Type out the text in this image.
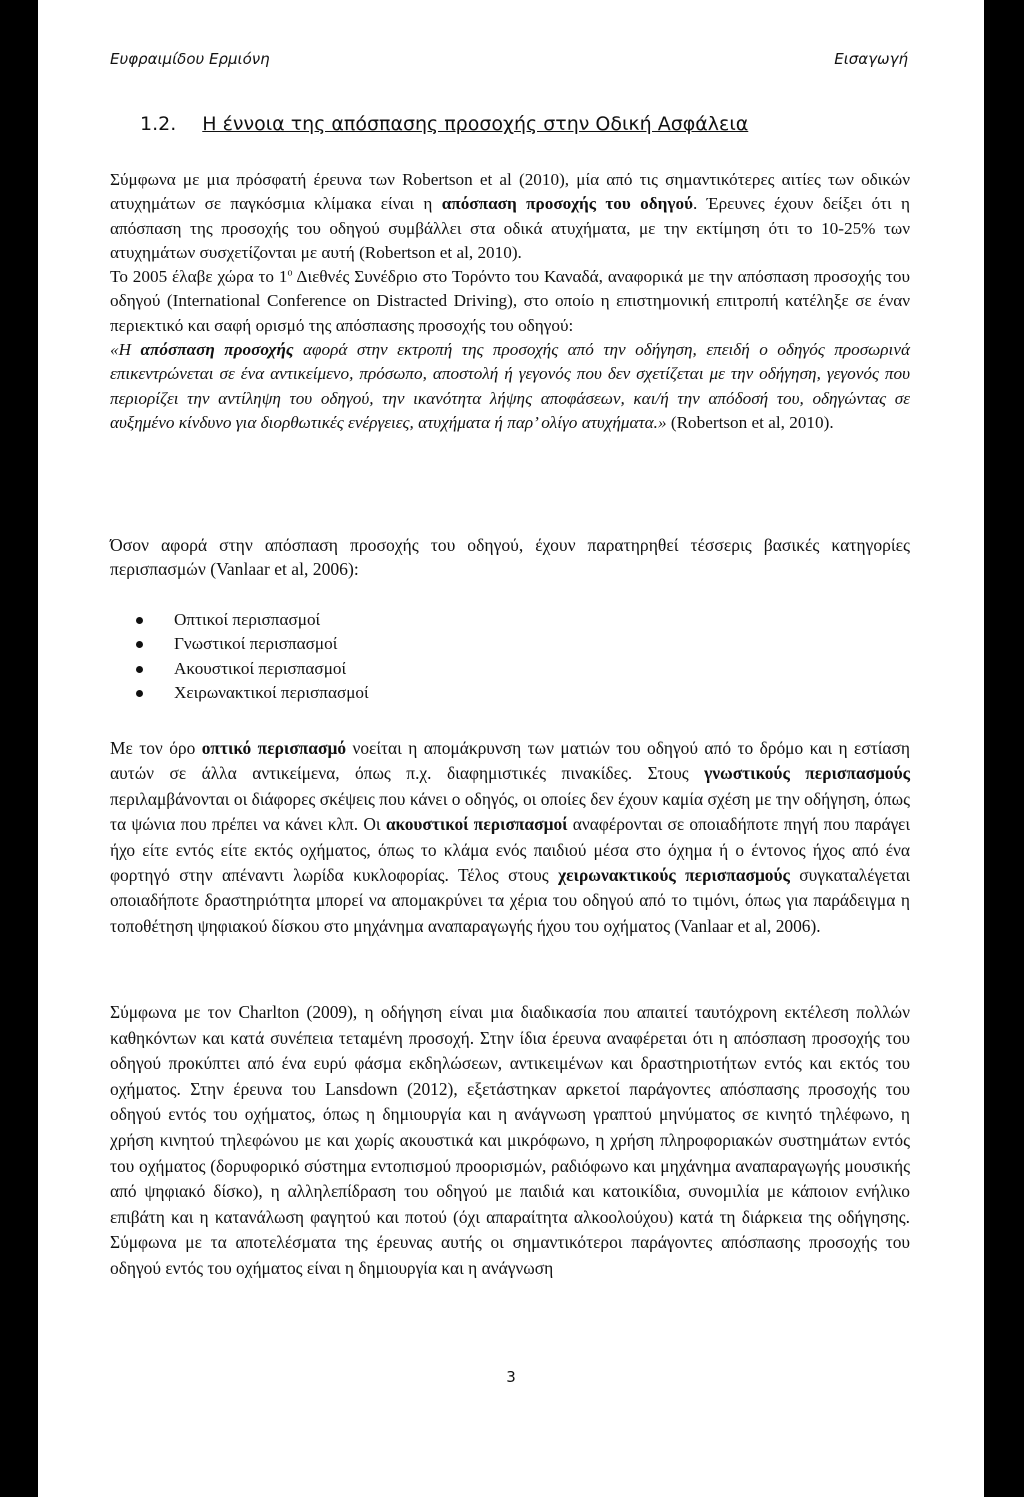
Ευφραιμίδου Ερμιόνη	Εισαγωγή
1.2. Η έννοια της απόσπασης προσοχής στην Οδική Ασφάλεια

Σύμφωνα με μια πρόσφατή έρευνα των Robertson et al (2010), μία από τις σημαντικότερες αιτίες των οδικών ατυχημάτων σε παγκόσμια κλίμακα είναι η απόσπαση προσοχής του οδηγού. Έρευνες έχουν δείξει ότι η απόσπαση της προσοχής του οδηγού συμβάλλει στα οδικά ατυχήματα, με την εκτίμηση ότι το 10-25% των ατυχημάτων συσχετίζονται με αυτή (Robertson et al, 2010).
Το 2005 έλαβε χώρα το $1^o$ Διεθνές Συνέδριο στο Τορόντο του Καναδά, αναφορικά με την απόσπαση προσοχής του οδηγού (International Conference on Distracted Driving), στο οποίο η επιστημονική επιτροπή κατέληξε σε έναν περιεκτικό και σαφή ορισμό της απόσπασης προσοχής του οδηγού:
«Η απόσπαση προσοχής αφορά στην εκτροπή της προσοχής από την οδήγηση, επειδή ο οδηγός προσωρινά επικεντρώνεται σε ένα αντικείμενο, πρόσωπο, αποστολή ή γεγονός που δεν σχετίζεται με την οδήγηση, γεγονός που περιορίζει την αντίληψη του οδηγού, την ικανότητα λήψης αποφάσεων, και/ή την απόδοσή του, οδηγώντας σε αυξημένο κίνδυνο για διορθωτικές ενέργειες, ατυχήματα ή παρ’ ολίγο ατυχήματα.» (Robertson et al, 2010).

Όσον αφορά στην απόσπαση προσοχής του οδηγού, έχουν παρατηρηθεί τέσσερις βασικές κατηγορίες περισπασμών (Vanlaar et al, 2006):

Οπτικοί περισπασμοί
Γνωστικοί περισπασμοί
Ακουστικοί περισπασμοί
Χειρωνακτικοί περισπασμοί

Με τον όρο οπτικό περισπασμό νοείται η απομάκρυνση των ματιών του οδηγού από το δρόμο και η εστίαση αυτών σε άλλα αντικείμενα, όπως π.χ. διαφημιστικές πινακίδες. Στους γνωστικούς περισπασμούς περιλαμβάνονται οι διάφορες σκέψεις που κάνει ο οδηγός, οι οποίες δεν έχουν καμία σχέση με την οδήγηση, όπως τα ψώνια που πρέπει να κάνει κλπ. Οι ακουστικοί περισπασμοί αναφέρονται σε οποιαδήποτε πηγή που παράγει ήχο είτε εντός είτε εκτός οχήματος, όπως το κλάμα ενός παιδιού μέσα στο όχημα ή ο έντονος ήχος από ένα φορτηγό στην απέναντι λωρίδα κυκλοφορίας. Τέλος στους χειρωνακτικούς περισπασμούς συγκαταλέγεται οποιαδήποτε δραστηριότητα μπορεί να απομακρύνει τα χέρια του οδηγού από το τιμόνι, όπως για παράδειγμα η τοποθέτηση ψηφιακού δίσκου στο μηχάνημα αναπαραγωγής ήχου του οχήματος (Vanlaar et al, 2006).

Σύμφωνα με τον Charlton (2009), η οδήγηση είναι μια διαδικασία που απαιτεί ταυτόχρονη εκτέλεση πολλών καθηκόντων και κατά συνέπεια τεταμένη προσοχή. Στην ίδια έρευνα αναφέρεται ότι η απόσπαση προσοχής του οδηγού προκύπτει από ένα ευρύ φάσμα εκδηλώσεων, αντικειμένων και δραστηριοτήτων εντός και εκτός του οχήματος. Στην έρευνα του Lansdown (2012), εξετάστηκαν αρκετοί παράγοντες απόσπασης προσοχής του οδηγού εντός του οχήματος, όπως η δημιουργία και η ανάγνωση γραπτού μηνύματος σε κινητό τηλέφωνο, η χρήση κινητού τηλεφώνου με και χωρίς ακουστικά και μικρόφωνο, η χρήση πληροφοριακών συστημάτων εντός του οχήματος (δορυφορικό σύστημα εντοπισμού προορισμών, ραδιόφωνο και μηχάνημα αναπαραγωγής μουσικής από ψηφιακό δίσκο), η αλληλεπίδραση του οδηγού με παιδιά και κατοικίδια, συνομιλία με κάποιον ενήλικο επιβάτη και η κατανάλωση φαγητού και ποτού (όχι απαραίτητα αλκοολούχου) κατά τη διάρκεια της οδήγησης. Σύμφωνα με τα αποτελέσματα της έρευνας αυτής οι σημαντικότεροι παράγοντες απόσπασης προσοχής του οδηγού εντός του οχήματος είναι η δημιουργία και η ανάγνωση

3
